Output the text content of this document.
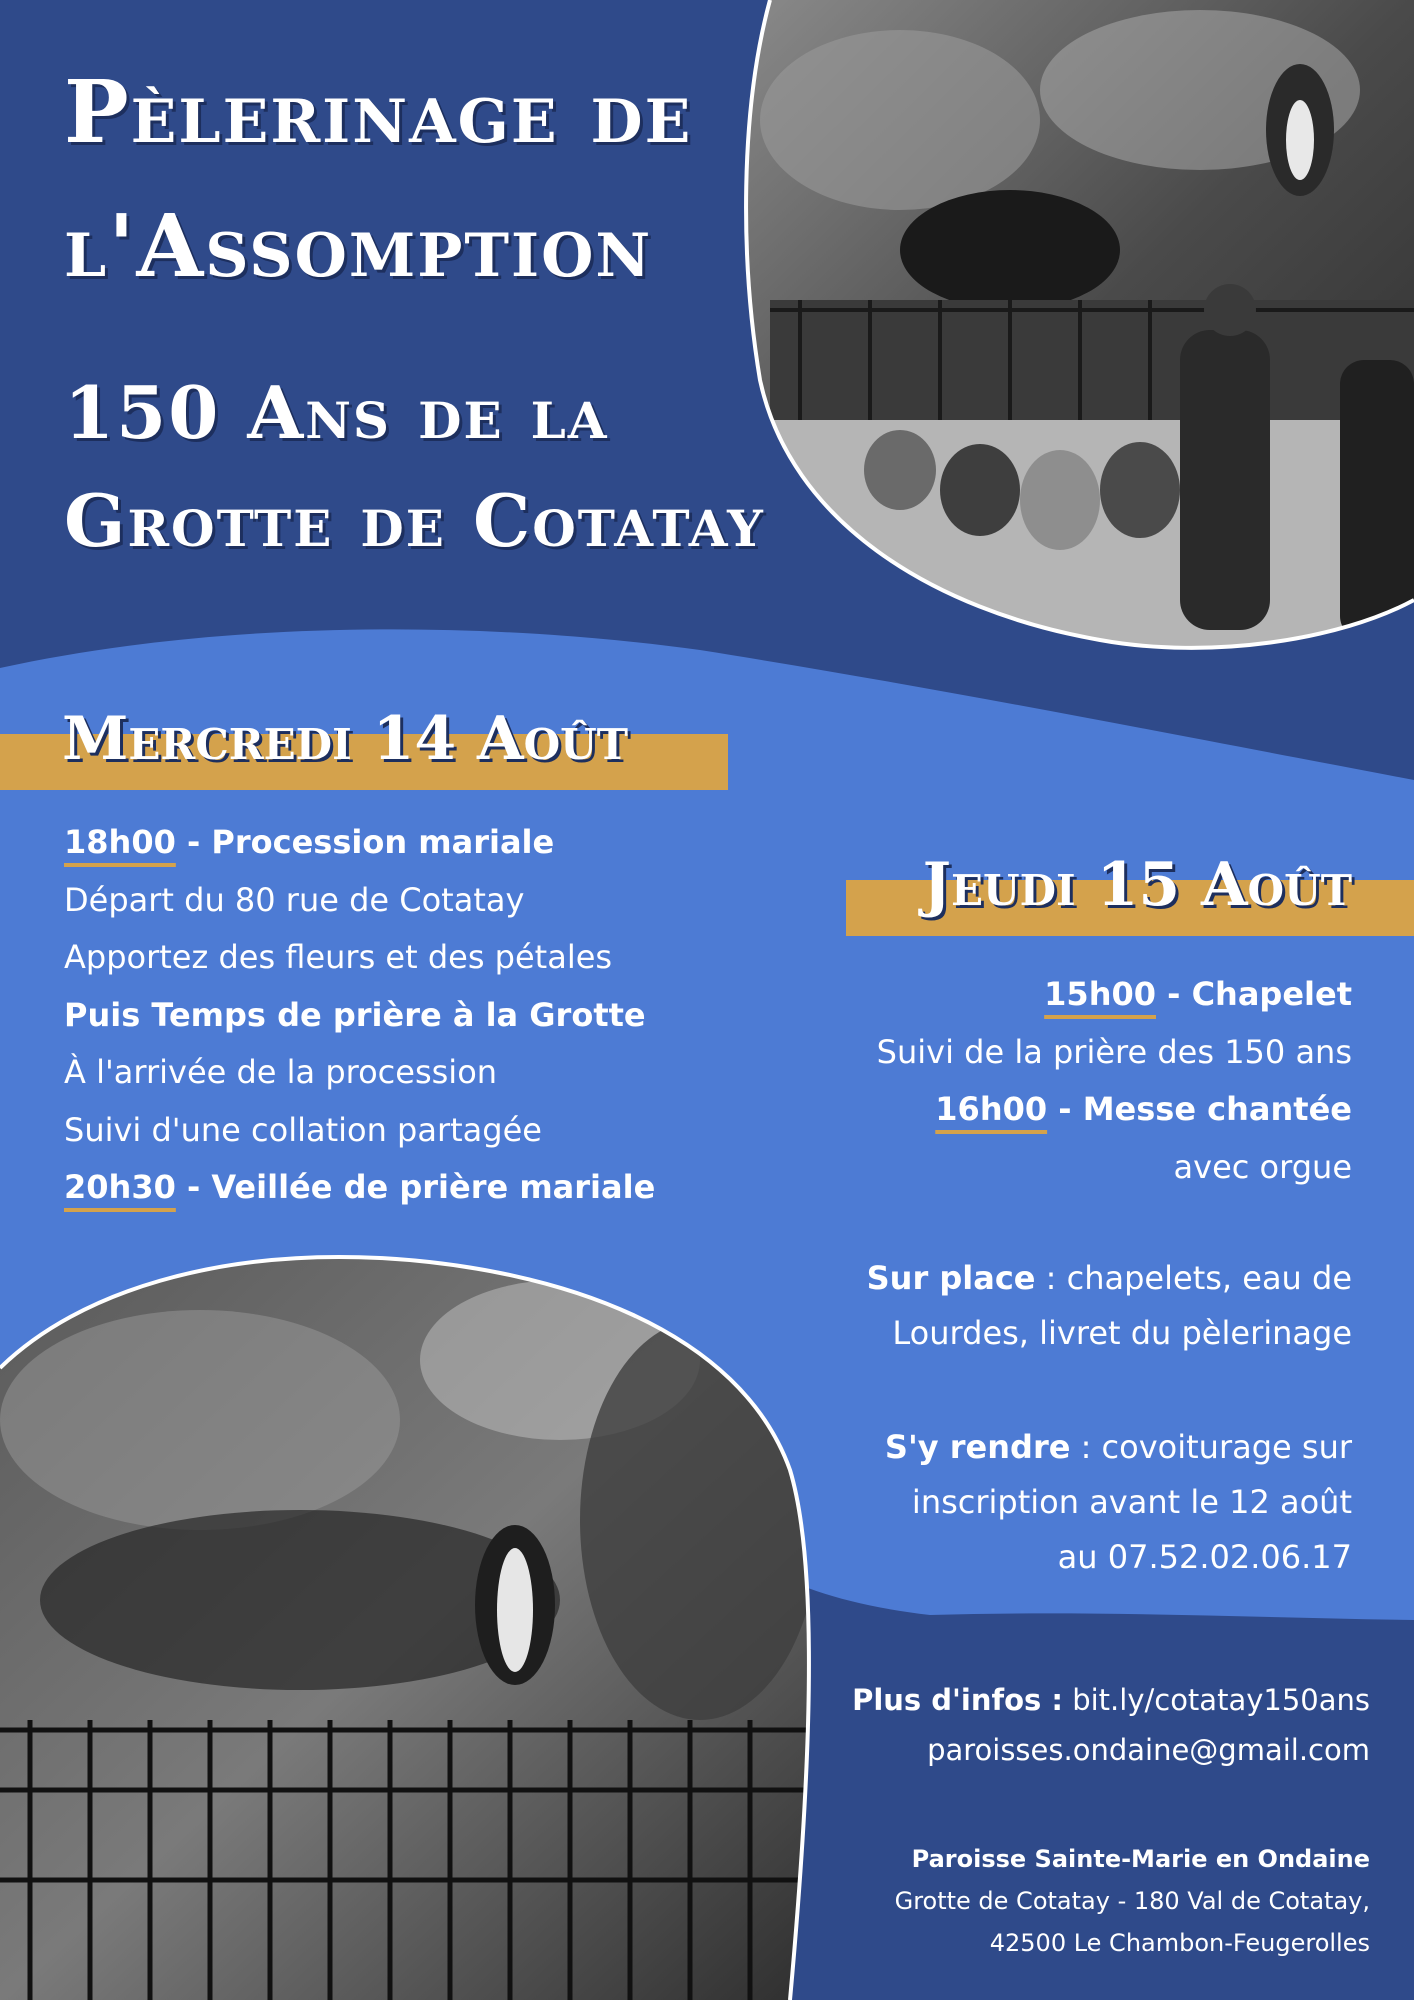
Pèlerinage de
l'Assomption
150 Ans de la
Grotte de Cotatay
Mercredi 14 Août
18h00 - Procession mariale
Départ du 80 rue de Cotatay
Apportez des fleurs et des pétales
Puis Temps de prière à la Grotte
À l'arrivée de la procession
Suivi d'une collation partagée
20h30 - Veillée de prière mariale
Jeudi 15 Août
15h00 - Chapelet
Suivi de la prière des 150 ans
16h00 - Messe chantée
avec orgue
Sur place : chapelets, eau de
Lourdes, livret du pèlerinage
S'y rendre : covoiturage sur
inscription avant le 12 août
au 07.52.02.06.17
Plus d'infos : bit.ly/cotatay150ans
paroisses.ondaine@gmail.com
Paroisse Sainte-Marie en Ondaine
Grotte de Cotatay - 180 Val de Cotatay,
42500 Le Chambon-Feugerolles
